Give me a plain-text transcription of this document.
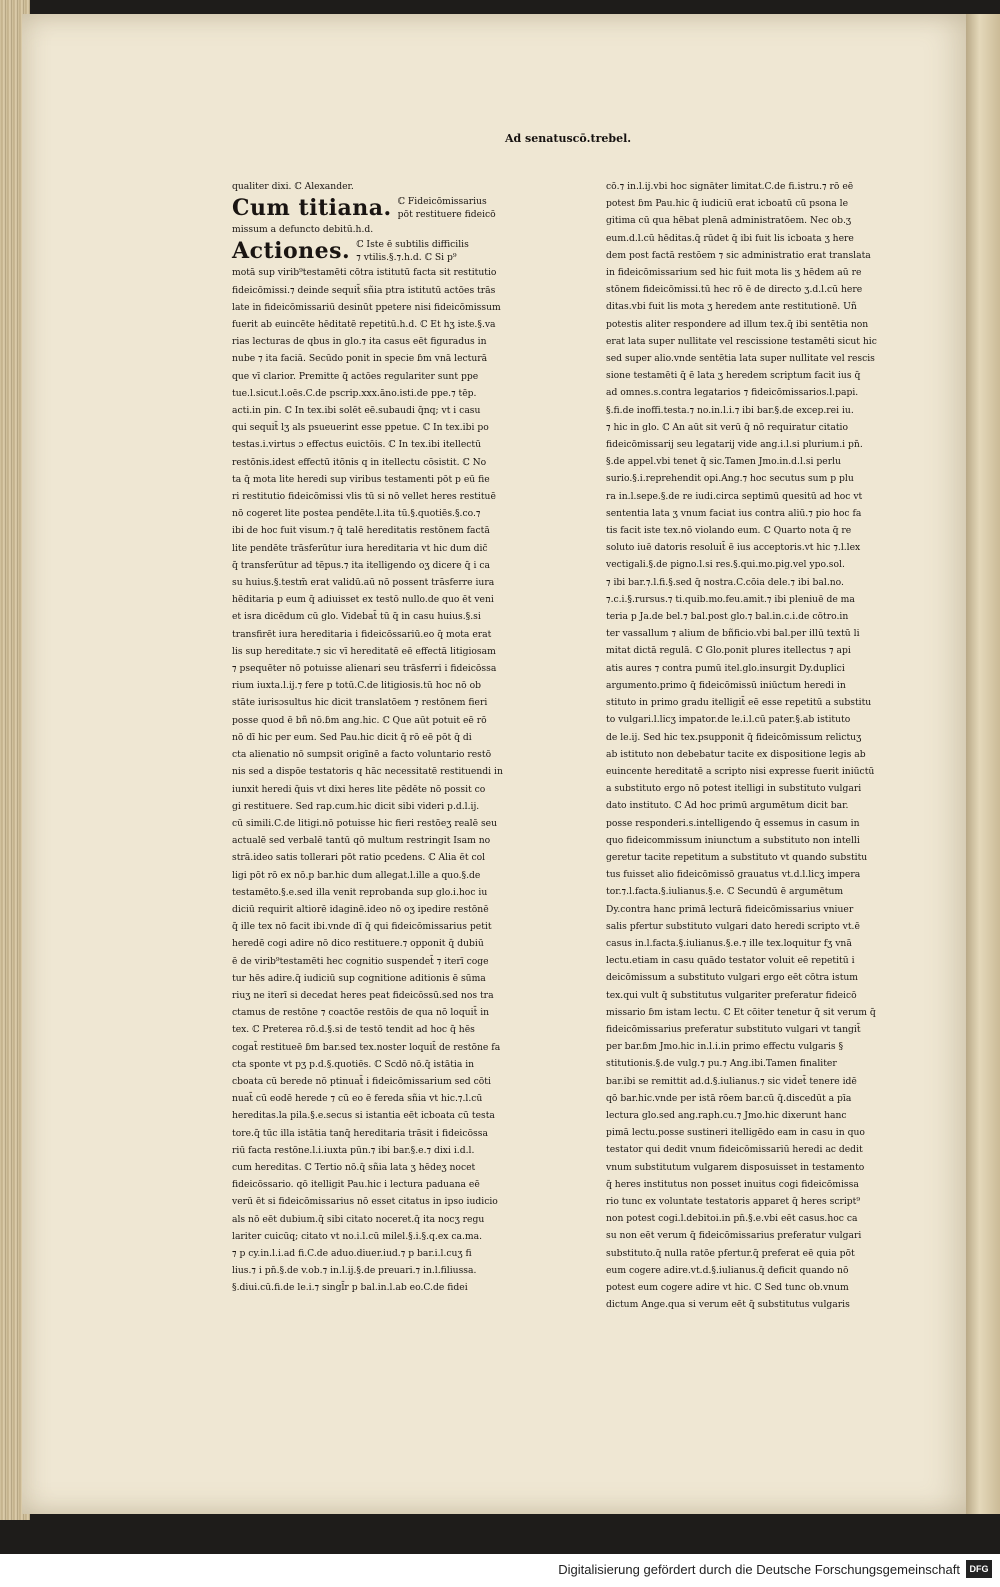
Ad senatuscō.trebel.
qualiter dixi. ℂ Alexander.
Cum titiana. ℂ Fideicōmissarius
pōt restituere fideicō
missum a defuncto debitū.h.d.
Actiones. ℂ Iste ē subtilis difficilis
⁊ vtilis.§.⁊.h.d. ℂ Si p⁹
motā sup virib⁹testamēti cōtra istitutū facta sit restitutio
fideicōmissi.⁊ deinde sequit̄ sñia ptra istitutū actōes trās
late in fideicōmissariū desinūt ppetere nisi fideicōmissum
fuerit ab euincēte hēditatē repetitū.h.d. ℂ Et hʒ iste.§.va
rias lecturas de qbus in glo.⁊ ita casus eēt figuradus in
nube ⁊ ita faciā. Secūdo ponit in specie ɓm vnā lecturā
que vī clarior. Premitte q̄ actōes regulariter sunt ppe
tue.l.sicut.l.oēs.C.de pscrip.xxx.āno.isti.de ppe.⁊ tēp.
acti.in pin. ℂ In tex.ibi solēt eē.subaudi q̄nq; vt i casu
qui sequit̄ lʒ als psueuerint esse ppetue. ℂ In tex.ibi po
testas.i.virtus ɔ effectus euictōis. ℂ In tex.ibi itellectū
restōnis.idest effectū itōnis q in itellectu cōsistit. ℂ No
ta q̄ mota lite heredi sup viribus testamenti pōt p eū fie
ri restitutio fideicōmissi vlis tū si nō vellet heres restituē
nō cogeret lite postea pendēte.l.ita tū.§.quotiēs.§.co.⁊
ibi de hoc fuit visum.⁊ q̄ talē hereditatis restōnem factā
lite pendēte trāsferūtur iura hereditaria vt hic dum dic̄
q̄ transferūtur ad tēpus.⁊ ita itelligendo oʒ dicere q̄ i ca
su huius.§.testm̄ erat validū.aū nō possent trāsferre iura
hēditaria p eum q̄ adiuisset ex testō nullo.de quo ēt veni
et isra dicēdum cū glo. Videbat̄ tū q̄ in casu huius.§.si
transfirēt iura hereditaria i fideicōssariū.eo q̄ mota erat
lis sup hereditate.⁊ sic vī hereditatē eē effectā litigiosam
⁊ psequēter nō potuisse alienari seu trāsferri i fideicōssa
rium iuxta.l.ij.⁊ fere p totū.C.de litigiosis.tū hoc nō ob
stāte iurisɔsultus hic dicit translatōem ⁊ restōnem fieri
posse quod ē bñ nō.ɓm ang.hic. ℂ Que aūt potuit eē rō
nō dī hic per eum. Sed Pau.hic dicit q̄ rō eē pōt q̄ di
cta alienatio nō sumpsit origīnē a facto voluntario restō
nis sed a dispōe testatoris q hāc necessitatē restituendi in
iunxit heredi q̄uis vt dixi heres lite pēdēte nō possit co
gi restituere. Sed rap.cum.hic dicit sibi videri p.d.l.ij.
cū simili.C.de litigi.nō potuisse hic fieri restōeʒ realē seu
actualē sed verbalē tantū qō multum restringit Isam no
strā.ideo satis tollerari pōt ratio pcedens. ℂ Alia ēt col
ligi pōt rō ex nō.p bar.hic dum allegat.l.ille a quo.§.de
testamēto.§.e.sed illa venit reprobanda sup glo.i.hoc iu
diciū requirit altiorē idaginē.ideo nō oʒ ipedire restōnē
q̄ ille tex nō facit ibi.vnde dī q̄ qui fideicōmissarius petit
heredē cogi adire nō dico restituere.⁊ opponit q̄ dubiū
ē de virib⁹testamēti hec cognitio suspendet̄ ⁊ iterī coge
tur hēs adire.q̄ iudiciū sup cognitione aditionis ē sūma
riuʒ ne iterī si decedat heres peat fideicōssū.sed nos tra
ctamus de restōne ⁊ coactōe restōis de qua nō loquit̄ in
tex. ℂ Preterea rō.d.§.si de testō tendit ad hoc q̄ hēs
cogat̄ restitueē ɓm bar.sed tex.noster loquit̄ de restōne fa
cta sponte vt pʒ p.d.§.quotiēs. ℂ Scdō nō.q̄ istātia in
cboata cū berede nō ptinuat̄ i fideicōmissarium sed cōti
nuat̄ cū eodē herede ⁊ cū eo ē fereda sñia vt hic.⁊.l.cū
hereditas.la pila.§.e.secus si istantia eēt icboata cū testa
tore.q̄ tūc illa istātia tanq̄ hereditaria trāsit i fideicōssa
riū facta restōne.l.i.iuxta pūn.⁊ ibi bar.§.e.⁊ dixi i.d.l.
cum hereditas. ℂ Tertio nō.q̄ sñia lata ʒ hēdeʒ nocet
fideicōssario. qō itelligit Pau.hic i lectura paduana eē
verū ēt si fideicōmissarius nō esset citatus in ipso iudicio
als nō eēt dubium.q̄ sibi citato noceret.q̄ ita nocʒ regu
lariter cuicūq; citato vt no.i.l.cū milel.§.i.§.q.ex ca.ma.
⁊ p cy.in.l.i.ad fi.C.de aduo.diuer.iud.⁊ p bar.i.l.cuʒ fi
lius.⁊ i pn̄.§.de v.ob.⁊ in.l.ij.§.de preuari.⁊ in.l.filiussa.
§.diui.cū.fi.de le.i.⁊ singl̄r p bal.in.l.ab eo.C.de fidei
cō.⁊ in.l.ij.vbi hoc signāter limitat.C.de fi.istru.⁊ rō eē
potest ɓm Pau.hic q̄ iudiciū erat icboatū cū psona le
gitima cū qua hēbat plenā administratōem. Nec ob.ʒ
eum.d.l.cū hēditas.q̄ rūdet q̄ ibi fuit lis icboata ʒ here
dem post factā restōem ⁊ sic administratio erat translata
in fideicōmissarium sed hic fuit mota lis ʒ hēdem aū re
stōnem fideicōmissi.tū hec rō ē de directo ʒ.d.l.cū here
ditas.vbi fuit lis mota ʒ heredem ante restitutionē. Uñ
potestis aliter respondere ad illum tex.q̄ ibi sentētia non
erat lata super nullitate vel rescissione testamēti sicut hic
sed super alio.vnde sentētia lata super nullitate vel rescis
sione testamēti q̄ ē lata ʒ heredem scriptum facit ius q̄
ad omnes.s.contra legatarios ⁊ fideicōmissarios.l.papi.
§.fi.de inoffi.testa.⁊ no.in.l.i.⁊ ibi bar.§.de excep.rei iu.
⁊ hic in glo. ℂ An aūt sit verū q̄ nō requiratur citatio
fideicōmissarij seu legatarij vide ang.i.l.si plurium.i pn̄.
§.de appel.vbi tenet q̄ sic.Tamen Jmo.in.d.l.si perlu
surio.§.i.reprehendit opi.Ang.⁊ hoc secutus sum p plu
ra in.l.sepe.§.de re iudi.circa septimū quesitū ad hoc vt
sententia lata ʒ vnum faciat ius contra aliū.⁊ pio hoc fa
tis facit iste tex.nō violando eum. ℂ Quarto nota q̄ re
soluto iuē datoris resoluit̄ ē ius acceptoris.vt hic ⁊.l.lex
vectigali.§.de pigno.l.si res.§.qui.mo.pig.vel ypo.sol.
⁊ ibi bar.⁊.l.fi.§.sed q̄ nostra.C.cōia dele.⁊ ibi bal.no.
⁊.c.i.§.rursus.⁊ ti.quib.mo.feu.amit.⁊ ibi pleniuē de ma
teria p Ja.de bel.⁊ bal.post glo.⁊ bal.in.c.i.de cōtro.in
ter vassallum ⁊ alium de bñficio.vbi bal.per illū textū li
mitat dictā regulā. ℂ Glo.ponit plures itellectus ⁊ api
atis aures ⁊ contra pumū itel.glo.insurgit Dy.duplici
argumento.primo q̄ fideicōmissū iniūctum heredi in
stituto in primo gradu itelligit̄ eē esse repetitū a substitu
to vulgari.l.licʒ impator.de le.i.l.cū pater.§.ab istituto
de le.ij. Sed hic tex.psupponit q̄ fideicōmissum relictuʒ
ab istituto non debebatur tacite ex dispositione legis ab
euincente hereditatē a scripto nisi expresse fuerit iniūctū
a substituto ergo nō potest itelligi in substituto vulgari
dato instituto. ℂ Ad hoc primū argumētum dicit bar.
posse responderi.s.intelligendo q̄ essemus in casum in
quo fideicommissum iniunctum a substituto non intelli
geretur tacite repetitum a substituto vt quando substitu
tus fuisset alio fideicōmissō grauatus vt.d.l.licʒ impera
tor.⁊.l.facta.§.iulianus.§.e. ℂ Secundū ē argumētum
Dy.contra hanc primā lecturā fideicōmissarius vniuer
salis pfertur substituto vulgari dato heredi scripto vt.ē
casus in.l.facta.§.iulianus.§.e.⁊ ille tex.loquitur fʒ vnā
lectu.etiam in casu quādo testator voluit eē repetitū i
deicōmissum a substituto vulgari ergo eēt cōtra istum
tex.qui vult q̄ substitutus vulgariter preferatur fideicō
missario ɓm istam lectu. ℂ Et cōiter tenetur q̄ sit verum q̄
fideicōmissarius preferatur substituto vulgari vt tangit̄
per bar.ɓm Jmo.hic in.l.i.in primo effectu vulgaris §
stitutionis.§.de vulg.⁊ pu.⁊ Ang.ibi.Tamen finaliter
bar.ibi se remittit ad.d.§.iulianus.⁊ sic videt̄ tenere idē
qō bar.hic.vnde per istā rōem bar.cū q̄.discedūt a pīa
lectura glo.sed ang.raph.cu.⁊ Jmo.hic dixerunt hanc
pimā lectu.posse sustineri itelligēdo eam in casu in quo
testator qui dedit vnum fideicōmissariū heredi ac dedit
vnum substitutum vulgarem disposuisset in testamento
q̄ heres institutus non posset inuitus cogi fideicōmissa
rio tunc ex voluntate testatoris apparet q̄ heres script⁹
non potest cogi.l.debitoi.in pn̄.§.e.vbi eēt casus.hoc ca
su non eēt verum q̄ fideicōmissarius preferatur vulgari
substituto.q̄ nulla ratōe pfertur.q̄ preferat eē quia pōt
eum cogere adire.vt.d.§.iulianus.q̄ deficit quando nō
potest eum cogere adire vt hic. ℂ Sed tunc ob.vnum
dictum Ange.qua si verum eēt q̄ substitutus vulgaris
Digitalisierung gefördert durch die Deutsche Forschungsgemeinschaft	DFG
